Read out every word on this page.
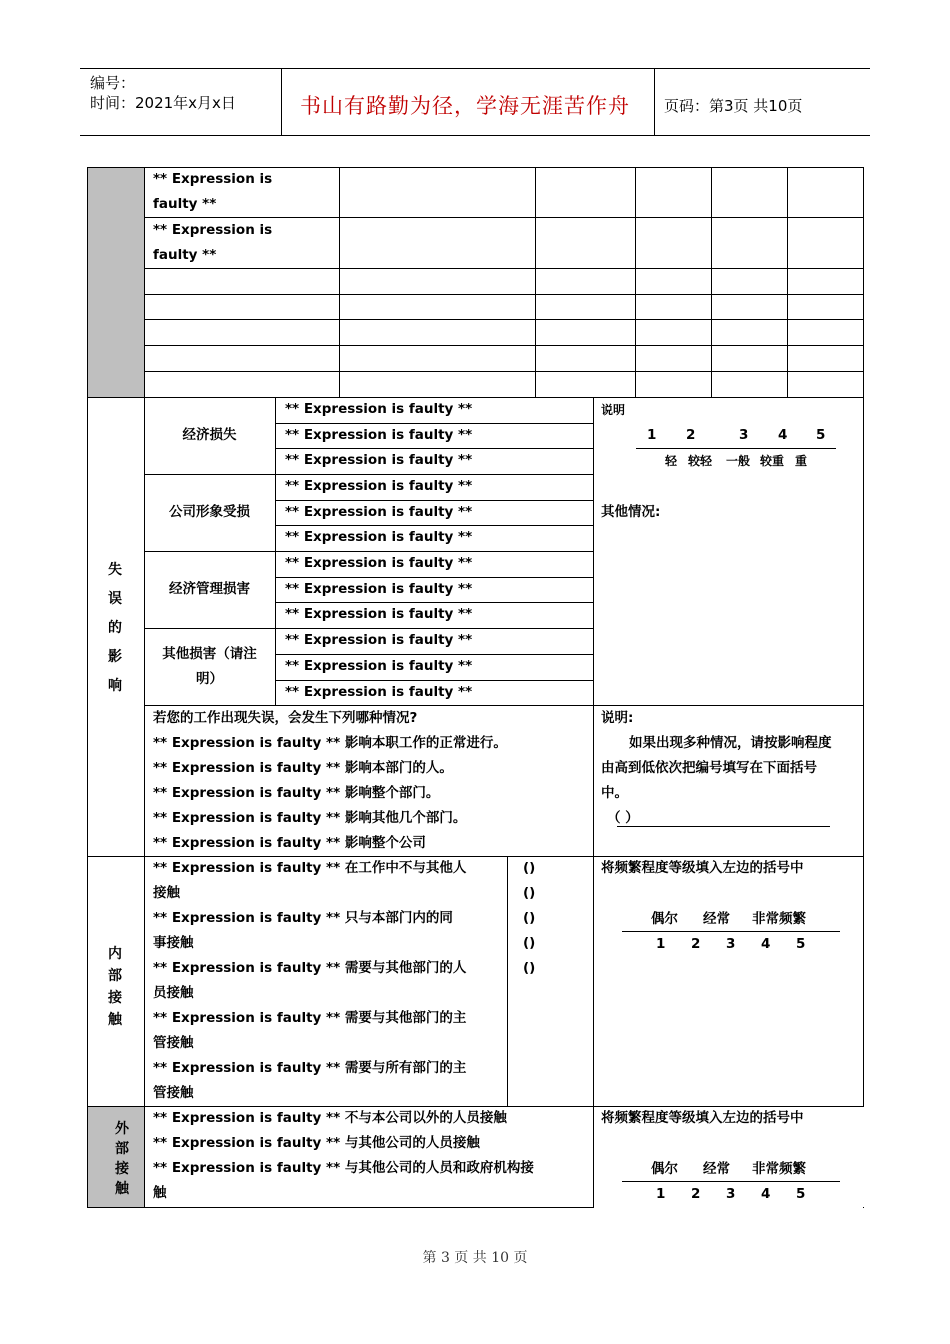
编号：
时间：2021年x月x日	书山有路勤为径，学海无涯苦作舟 页码：第3页 共10页
** Expression is
faulty **
** Expression is
faulty **
失
误
的
影
响
经济损失
公司形象受损
经济管理损害
其他损害（请注
明）
** Expression is faulty **
** Expression is faulty **
** Expression is faulty **
** Expression is faulty **
** Expression is faulty **
** Expression is faulty **
** Expression is faulty **
** Expression is faulty **
** Expression is faulty **
** Expression is faulty **
** Expression is faulty **
** Expression is faulty **
说明
1 2	3 4 5
轻 较轻 一般 较重 重
其他情况:
若您的工作出现失误，会发生下列哪种情况?
** Expression is faulty ** 影响本职工作的正常进行。
** Expression is faulty ** 影响本部门的人。
** Expression is faulty ** 影响整个部门。
** Expression is faulty ** 影响其他几个部门。
** Expression is faulty ** 影响整个公司
说明:
如果出现多种情况，请按影响程度
由高到低依次把编号填写在下面括号
中。
（ ）
内
部
接
触
** Expression is faulty ** 在工作中不与其他人
接触
** Expression is faulty ** 只与本部门内的同
事接触
** Expression is faulty ** 需要与其他部门的人
员接触
** Expression is faulty ** 需要与其他部门的主
管接触
** Expression is faulty ** 需要与所有部门的主
管接触
()
()
()
()
()
将频繁程度等级填入左边的括号中
偶尔 经常 非常频繁
1 2 3 4 5
外
部
接
触
** Expression is faulty ** 不与本公司以外的人员接触
** Expression is faulty ** 与其他公司的人员接触
** Expression is faulty ** 与其他公司的人员和政府机构接
触
将频繁程度等级填入左边的括号中
偶尔 经常 非常频繁
1 2 3 4 5
第 3 页 共 10 页
